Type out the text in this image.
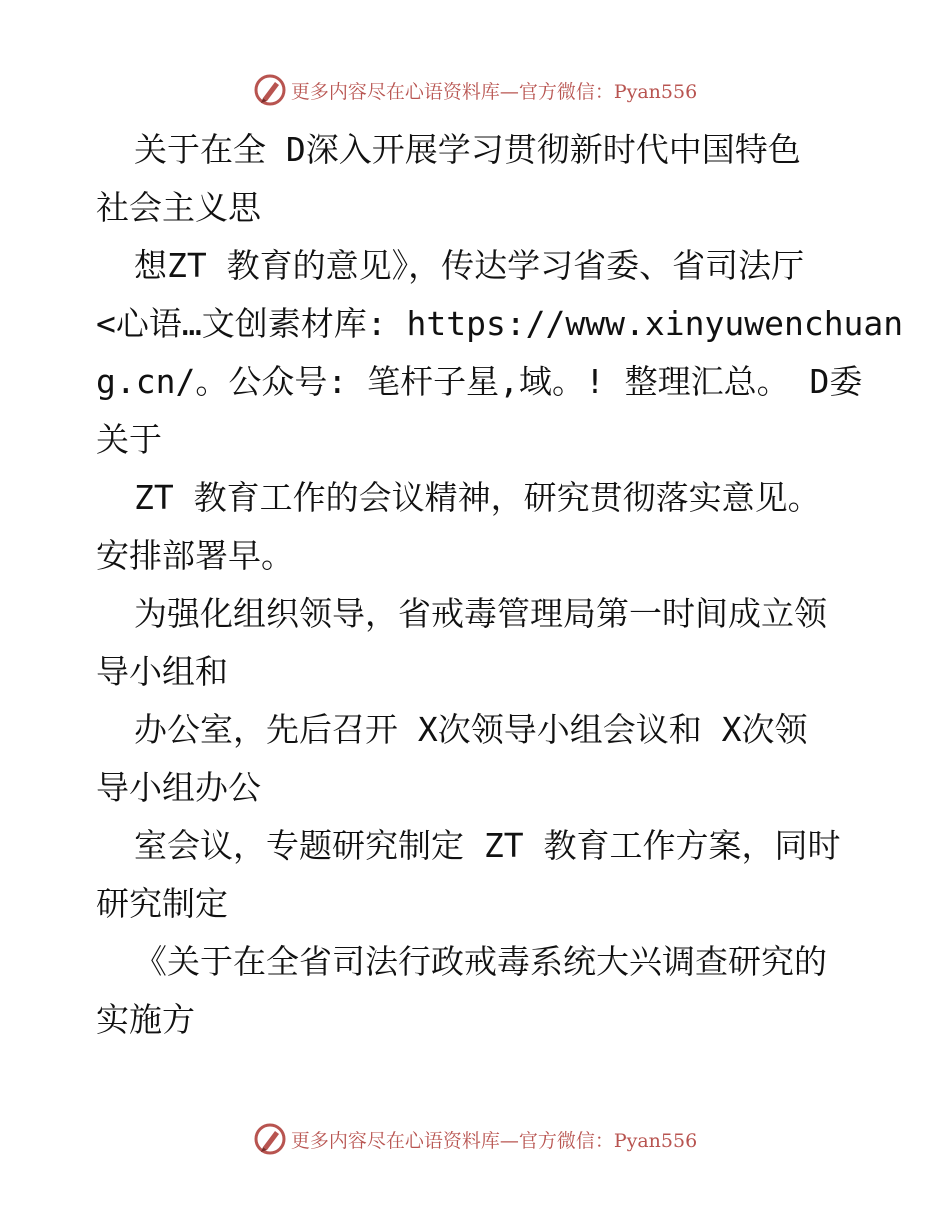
更多内容尽在心语资料库—官方微信：Pyan556
关于在全 D深入开展学习贯彻新时代中国特色
社会主义思
想ZT 教育的意见》，传达学习省委、省司法厅
<心语…文创素材库: https://www.xinyuwenchuan
g.cn/。公众号: 笔杆子星,域。! 整理汇总。 D委
关于
ZT 教育工作的会议精神，研究贯彻落实意见。
安排部署早。
为强化组织领导，省戒毒管理局第一时间成立领
导小组和
办公室，先后召开 X次领导小组会议和 X次领
导小组办公
室会议，专题研究制定 ZT 教育工作方案，同时
研究制定
《关于在全省司法行政戒毒系统大兴调查研究的
实施方
更多内容尽在心语资料库—官方微信：Pyan556
